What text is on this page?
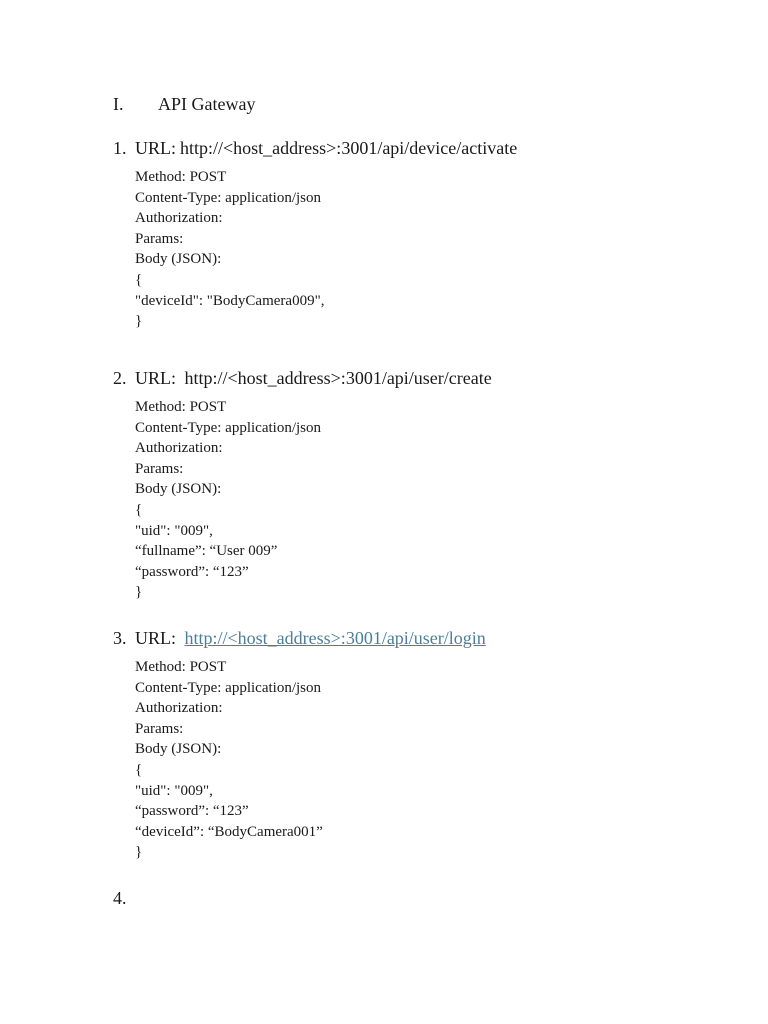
I. API Gateway
1. URL: http://<host_address>:3001/api/device/activate
Method: POST
Content-Type: application/json
Authorization:
Params:
Body (JSON):
{
"deviceId": "BodyCamera009",
}
2. URL: http://<host_address>:3001/api/user/create
Method: POST
Content-Type: application/json
Authorization:
Params:
Body (JSON):
{
"uid": "009",
“fullname”: “User 009”
“password”: “123”
}
3. URL: http://<host_address>:3001/api/user/login
Method: POST
Content-Type: application/json
Authorization:
Params:
Body (JSON):
{
"uid": "009",
“password”: “123”
“deviceId”: “BodyCamera001”
}
4.
